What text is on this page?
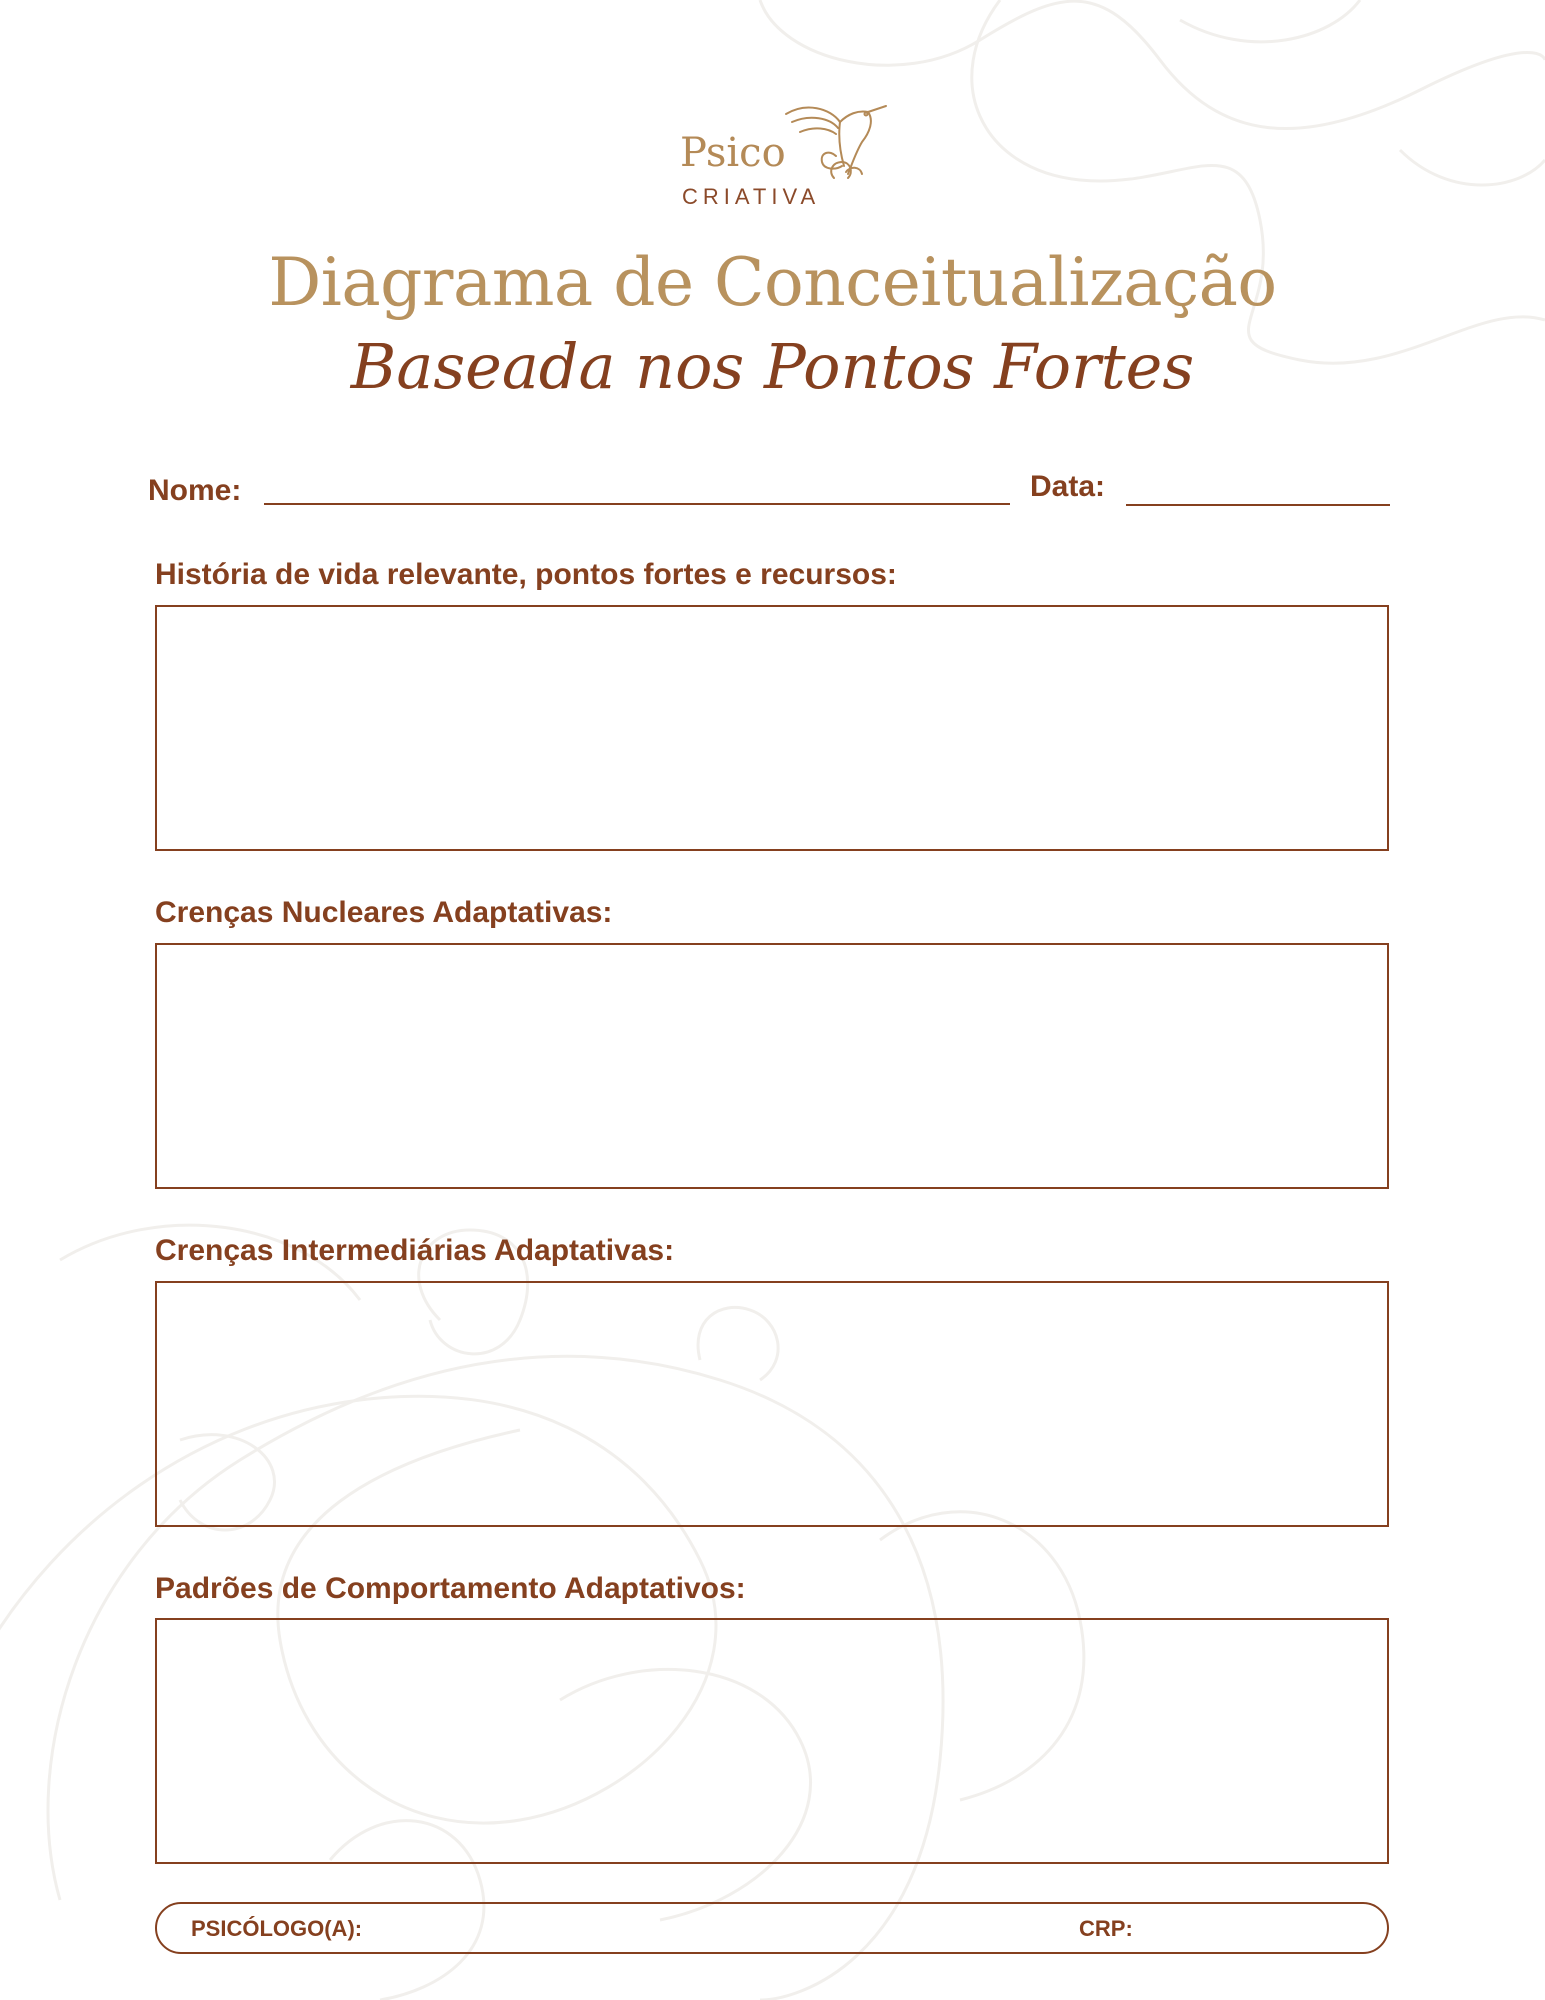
Psico
CRIATIVA
Diagrama de Conceitualização
Baseada nos Pontos Fortes
Nome:	Data:
História de vida relevante, pontos fortes e recursos:
Crenças Nucleares Adaptativas:
Crenças Intermediárias Adaptativas:
Padrões de Comportamento Adaptativos:
PSICÓLOGO(A):	CRP:
